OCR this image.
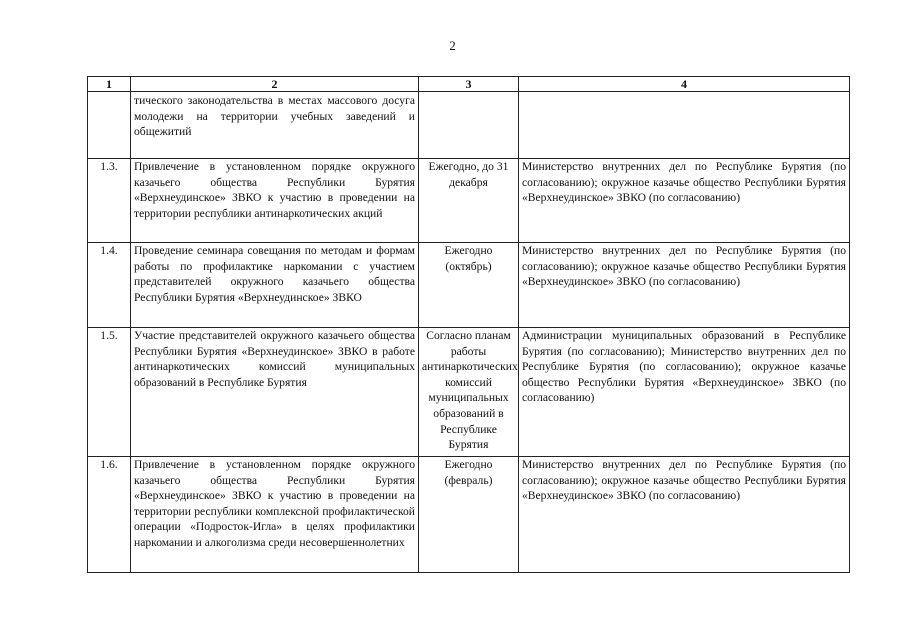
2
1	2	3	4
	тического законодательства в местах массового досуга молодежи на территории учебных заведений и общежитий		
1.3.	Привлечение в установленном порядке окружного казачьего общества Республики Бурятия «Верхнеудинское» ЗВКО к участию в проведении на территории республики антинаркотических акций	Ежегодно, до 31 декабря	Министерство внутренних дел по Республике Бурятия (по согласованию); окружное казачье общество Республики Бурятия «Верхнеудинское» ЗВКО (по согласованию)
1.4.	Проведение семинара совещания по методам и формам работы по профилактике наркомании с участием представителей окружного казачьего общества Республики Бурятия «Верхнеудинское» ЗВКО	Ежегодно (октябрь)	Министерство внутренних дел по Республике Бурятия (по согласованию); окружное казачье общество Республики Бурятия «Верхнеудинское» ЗВКО (по согласованию)
1.5.	Участие представителей окружного казачьего общества Республики Бурятия «Верхнеудинское» ЗВКО в работе антинаркотических комиссий муниципальных образований в Республике Бурятия	Согласно планам работы антинаркотических комиссий муниципальных образований в Республике Бурятия	Администрации муниципальных образований в Республике Бурятия (по согласованию); Министерство внутренних дел по Республике Бурятия (по согласованию); окружное казачье общество Республики Бурятия «Верхнеудинское» ЗВКО (по согласованию)
1.6.	Привлечение в установленном порядке окружного казачьего общества Республики Бурятия «Верхнеудинское» ЗВКО к участию в проведении на территории республики комплексной профилактической операции «Подросток-Игла» в целях профилактики наркомании и алкоголизма среди несовершеннолетних	Ежегодно (февраль)	Министерство внутренних дел по Республике Бурятия (по согласованию); окружное казачье общество Республики Бурятия «Верхнеудинское» ЗВКО (по согласованию)
